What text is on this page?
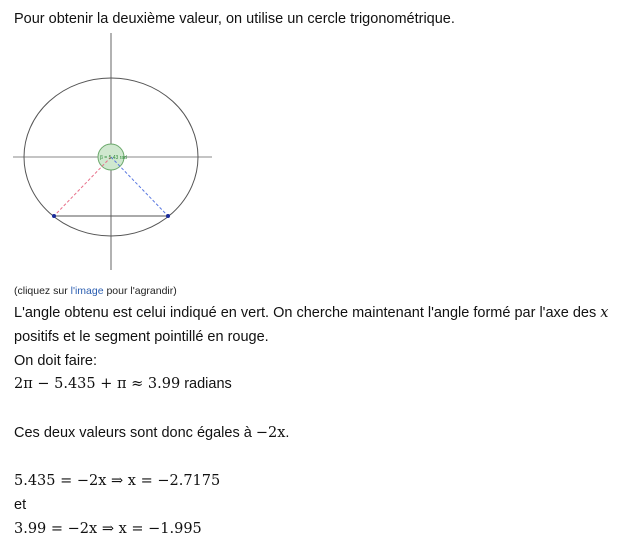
Pour obtenir la deuxième valeur, on utilise un cercle trigonométrique.
β = 5.43 rad
(cliquez sur l'image pour l'agrandir)
L'angle obtenu est celui indiqué en vert. On cherche maintenant l'angle formé par l'axe des x
positifs et le segment pointillé en rouge.
On doit faire:
2π − 5.435 + π ≈ 3.99 radians
Ces deux valeurs sont donc égales à −2x.
5.435 = −2x ⇒ x = −2.7175
et
3.99 = −2x ⇒ x = −1.995
